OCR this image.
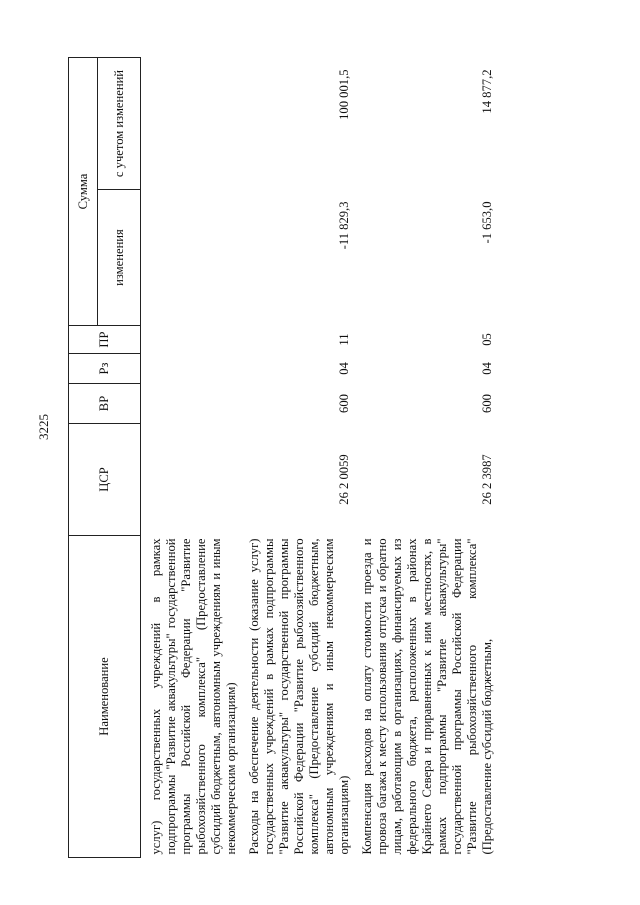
3225
Наименование	ЦСР	ВР	Рз	ПР	Сумма	
					изменения	с учетом изменений
услуг) государственных учреждений в рамках подпрограммы "Развитие аквакультуры" государственной программы Российской Федерации "Развитие рыбохозяйственного комплекса" (Предоставление субсидий бюджетным, автономным учреждениям и иным некоммерческим организациям)						
Расходы на обеспечение деятельности (оказание услуг) государственных учреждений в рамках подпрограммы "Развитие аквакультуры" государственной программы Российской Федерации "Развитие рыбохозяйственного комплекса" (Предоставление субсидий бюджетным, автономным учреждениям и иным некоммерческим организациям)	26 2 0059	600	04	11	-11 829,3	100 001,5
Компенсация расходов на оплату стоимости проезда и провоза багажа к месту использования отпуска и обратно лицам, работающим в организациях, финансируемых из федерального бюджета, расположенных в районах Крайнего Севера и приравненных к ним местностях, в рамках подпрограммы "Развитие аквакультуры" государственной программы Российской Федерации "Развитие рыбохозяйственного комплекса" (Предоставление субсидий бюджетным,	26 2 3987	600	04	05	-1 653,0	14 877,2
